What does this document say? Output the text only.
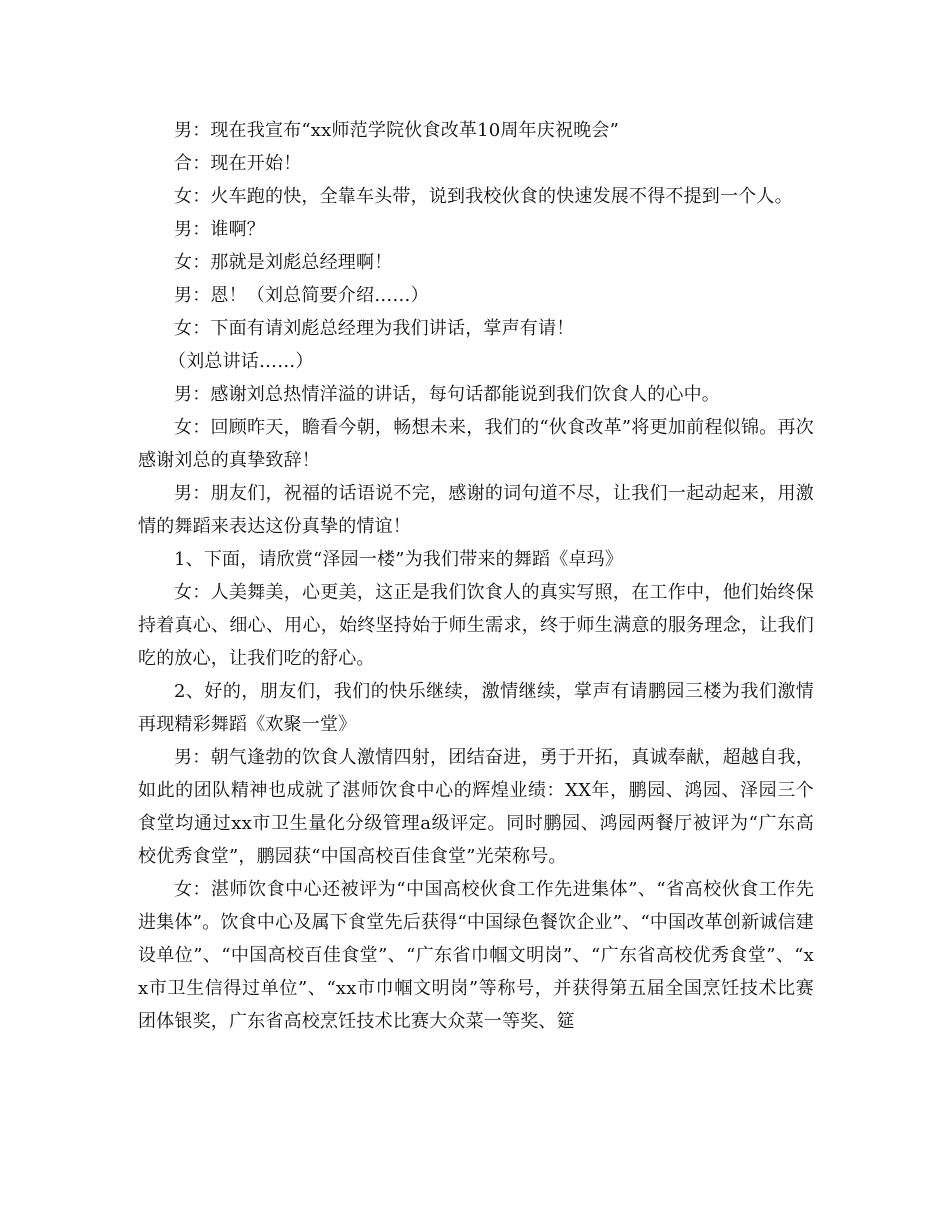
男：现在我宣布“xx师范学院伙食改革10周年庆祝晚会”

合：现在开始！

女：火车跑的快，全靠车头带，说到我校伙食的快速发展不得不提到一个人。

男：谁啊？

女：那就是刘彪总经理啊！

男：恩！（刘总简要介绍……）

女：下面有请刘彪总经理为我们讲话，掌声有请！

（刘总讲话……）

男：感谢刘总热情洋溢的讲话，每句话都能说到我们饮食人的心中。

女：回顾昨天，瞻看今朝，畅想未来，我们的“伙食改革”将更加前程似锦。再次感谢刘总的真挚致辞！

男：朋友们，祝福的话语说不完，感谢的词句道不尽，让我们一起动起来，用激情的舞蹈来表达这份真挚的情谊！

1、下面，请欣赏“泽园一楼”为我们带来的舞蹈《卓玛》

女：人美舞美，心更美，这正是我们饮食人的真实写照，在工作中，他们始终保持着真心、细心、用心，始终坚持始于师生需求，终于师生满意的服务理念，让我们吃的放心，让我们吃的舒心。

2、好的，朋友们，我们的快乐继续，激情继续，掌声有请鹏园三楼为我们激情再现精彩舞蹈《欢聚一堂》

男：朝气逢勃的饮食人激情四射，团结奋进，勇于开拓，真诚奉献，超越自我，如此的团队精神也成就了湛师饮食中心的辉煌业绩：XX年，鹏园、鸿园、泽园三个食堂均通过xx市卫生量化分级管理a级评定。同时鹏园、鸿园两餐厅被评为“广东高校优秀食堂”，鹏园获“中国高校百佳食堂”光荣称号。

女：湛师饮食中心还被评为“中国高校伙食工作先进集体”、“省高校伙食工作先进集体”。饮食中心及属下食堂先后获得“中国绿色餐饮企业”、“中国改革创新诚信建设单位”、“中国高校百佳食堂”、“广东省巾帼文明岗”、“广东省高校优秀食堂”、“xx市卫生信得过单位”、“xx市巾帼文明岗”等称号，并获得第五届全国烹饪技术比赛团体银奖，广东省高校烹饪技术比赛大众菜一等奖、筵
